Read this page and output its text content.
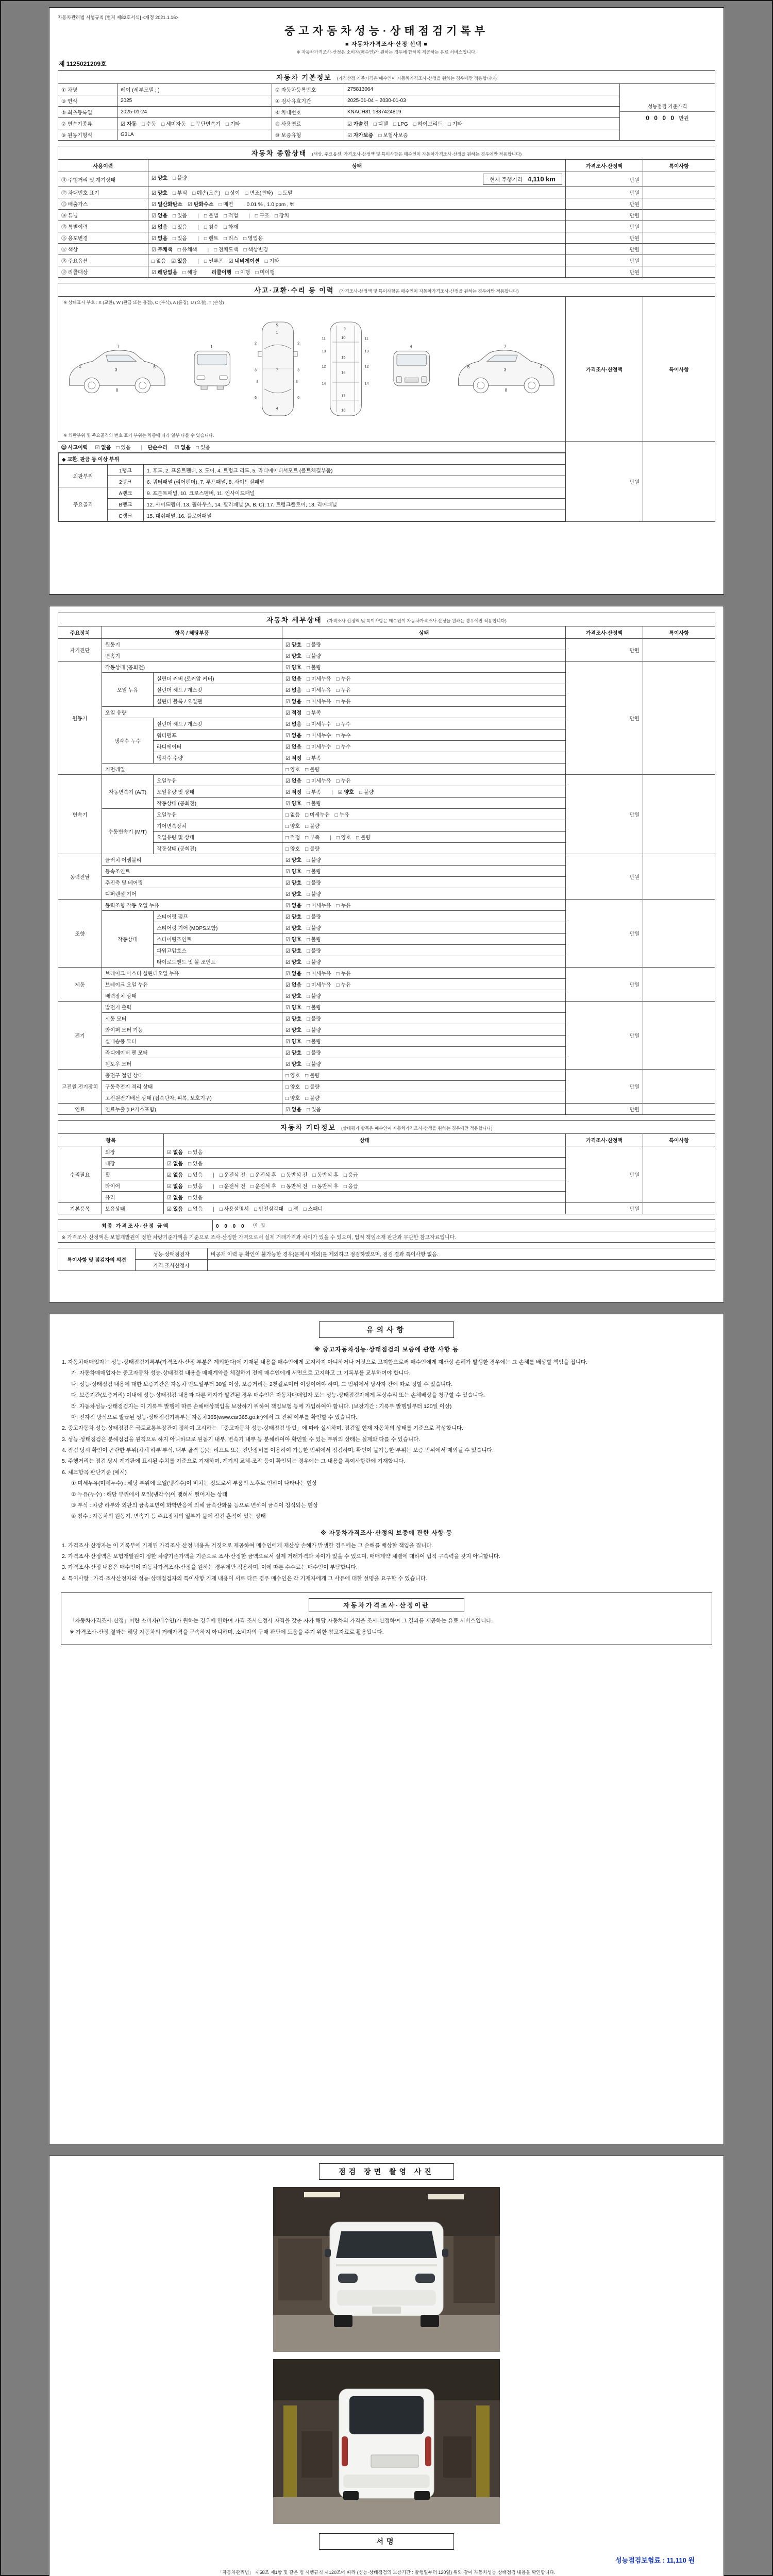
자동차관리법 시행규칙 [별지 제82호서식] <개정 2021.1.16>
중고자동차성능·상태점검기록부
■ 자동차가격조사·산정 선택 ■
※ 자동차가격조사·산정은 소비자(매수인)가 원하는 경우에 한하여 제공하는 유료 서비스입니다.
제 1125021209호
자동차 기본정보 (가격산정 기준가격은 매수인이 자동차가격조사·산정을 원하는 경우에만 적용합니다)				
① 차명	레이 (세부모델 : )	② 자동차등록번호	275813064	성능점검 기준가격
0 0 0 0 만원

③ 연식	2025	④ 검사유효기간	2025-01-04 ~ 2030-01-03	
⑤ 최초등록일	2025-01-24	⑥ 차대번호	KNACH81 1837424819	
⑦ 변속기종류	☑ 자동 □ 수동 □ 세미자동 □ 무단변속기 □ 기타	⑧ 사용연료	☑ 가솔린 □ 디젤 □ LPG □ 하이브리드 □ 기타	
⑨ 원동기형식	G3LA	⑩ 보증유형	☑ 자가보증 □ 보험사보증	
자동차 종합상태 (색상, 주요옵션, 가격조사·산정액 및 특이사항은 매수인이 자동차가격조사·산정을 원하는 경우에만 적용합니다)			
사용이력	상태	가격조사·산정액	특이사항
⑪ 주행거리 및 계기상태	☑ 양호 □ 불량 현재 주행거리 4,110 km	만원	
⑫ 차대번호 표기	☑ 양호 □ 부식 □ 훼손(오손) □ 상이 □ 변조(변타) □ 도말	만원	
⑬ 배출가스	☑ 일산화탄소 ☑ 탄화수소 □ 매연 0.01 % , 1.0 ppm , %	만원	
⑭ 튜닝	☑ 없음 □ 있음 | □ 불법 □ 적법 | □ 구조 □ 장치	만원	
⑮ 특별이력	☑ 없음 □ 있음 | □ 침수 □ 화재	만원	
⑯ 용도변경	☑ 없음 □ 있음 | □ 렌트 □ 리스 □ 영업용	만원	
⑰ 색상	☑ 무채색 □ 유채색 | □ 전체도색 □ 색상변경	만원	
⑱ 주요옵션	□ 없음 ☑ 있음 | □ 썬루프 ☑ 네비게이션 □ 기타	만원	
⑲ 리콜대상	☑ 해당없음 □ 해당 리콜이행 □ 이행 □ 미이행	만원	
사고·교환·수리 등 이력 (가격조사·산정액 및 특이사항은 매수인이 자동차가격조사·산정을 원하는 경우에만 적용합니다)

※ 상태표시 부호 : X (교환), W (판금 또는 용접), C (부식), A (흠집), U (요철), T (손상)
2
3
6
7
8
1
1
7
4
2	2
3	3
6	6
5
8	8
9
10
11	11
12	12
13	13
14	14
15
16
17
18
4
2
3
6
7
8
※ 외판부위 및 주요골격의 번호 표기 부위는 차종에 따라 일부 다를 수 있습니다.
	가격조사·산정액	특이사항
⑳ 사고이력 ☑ 없음 □ 있음 | 단순수리 ☑ 없음 □ 있음	만원	

◆ 교환, 판금 등 이상 부위
외판부위	1랭크	1. 후드, 2. 프론트펜더, 3. 도어, 4. 트렁크 리드, 5. 라디에이터서포트 (볼트체결부품)
2랭크	6. 쿼터패널 (리어펜더), 7. 루프패널, 8. 사이드실패널
주요골격	A랭크	9. 프론트패널, 10. 크로스멤버, 11. 인사이드패널
B랭크	12. 사이드멤버, 13. 휠하우스, 14. 필러패널 (A, B, C), 17. 트렁크플로어, 18. 리어패널
C랭크	15. 대쉬패널, 16. 플로어패널
자동차 세부상태 (가격조사·산정액 및 특이사항은 매수인이 자동차가격조사·산정을 원하는 경우에만 적용합니다)					
주요장치	항목 / 해당부품		상태	가격조사·산정액	특이사항
자기진단	원동기		☑ 양호 □ 불량	만원	
	변속기		☑ 양호 □ 불량		
원동기	작동상태 (공회전)		☑ 양호 □ 불량	만원	
	오일 누유	실린더 커버 (로커암 커버)	☑ 없음 □ 미세누유 □ 누유		
		실린더 헤드 / 개스킷	☑ 없음 □ 미세누유 □ 누유		
		실린더 블록 / 오일팬	☑ 없음 □ 미세누유 □ 누유		
	오일 유량		☑ 적정 □ 부족		
	냉각수 누수	실린더 헤드 / 개스킷	☑ 없음 □ 미세누수 □ 누수		
		워터펌프	☑ 없음 □ 미세누수 □ 누수		
		라디에이터	☑ 없음 □ 미세누수 □ 누수		
		냉각수 수량	☑ 적정 □ 부족		
	커먼레일		□ 양호 □ 불량		
변속기	자동변속기 (A/T)	오일누유	☑ 없음 □ 미세누유 □ 누유	만원	
		오일유량 및 상태	☑ 적정 □ 부족 | ☑ 양호 □ 불량		
		작동상태 (공회전)	☑ 양호 □ 불량		
	수동변속기 (M/T)	오일누유	□ 없음 □ 미세누유 □ 누유		
		기어변속장치	□ 양호 □ 불량		
		오일유량 및 상태	□ 적정 □ 부족 | □ 양호 □ 불량		
		작동상태 (공회전)	□ 양호 □ 불량		
동력전달	클러치 어셈블리		☑ 양호 □ 불량	만원	
	등속조인트		☑ 양호 □ 불량		
	추진축 및 베어링		☑ 양호 □ 불량		
	디퍼렌셜 기어		☑ 양호 □ 불량		
조향	동력조향 작동 오일 누유		☑ 없음 □ 미세누유 □ 누유	만원	
	작동상태	스티어링 펌프	☑ 양호 □ 불량		
		스티어링 기어 (MDPS포함)	☑ 양호 □ 불량		
		스티어링조인트	☑ 양호 □ 불량		
		파워고압호스	☑ 양호 □ 불량		
		타이로드엔드 및 볼 조인트	☑ 양호 □ 불량		
제동	브레이크 마스터 실린더오일 누유		☑ 없음 □ 미세누유 □ 누유	만원	
	브레이크 오일 누유		☑ 없음 □ 미세누유 □ 누유		
	배력장치 상태		☑ 양호 □ 불량		
전기	발전기 출력		☑ 양호 □ 불량	만원	
	시동 모터		☑ 양호 □ 불량		
	와이퍼 모터 기능		☑ 양호 □ 불량		
	실내송풍 모터		☑ 양호 □ 불량		
	라디에이터 팬 모터		☑ 양호 □ 불량		
	윈도우 모터		☑ 양호 □ 불량		
고전원 전기장치	충전구 절연 상태		□ 양호 □ 불량	만원	
	구동축전지 격리 상태		□ 양호 □ 불량		
	고전원전기배선 상태 (접속단자, 피복, 보호기구)		□ 양호 □ 불량		
연료	연료누출 (LP가스포함)		☑ 없음 □ 있음	만원	
자동차 기타정보 (상태평가 항목은 매수인이 자동차가격조사·산정을 원하는 경우에만 적용합니다)				
항목		상태	가격조사·산정액	특이사항
수리필요	외장	☑ 없음 □ 있음	만원	
	내장	☑ 없음 □ 있음		
	휠	☑ 없음 □ 있음 | □ 운전석 전 □ 운전석 후 □ 동반석 전 □ 동반석 후 □ 응급		
	타이어	☑ 없음 □ 있음 | □ 운전석 전 □ 운전석 후 □ 동반석 전 □ 동반석 후 □ 응급		
	유리	☑ 없음 □ 있음		
기본품목	보유상태	☑ 있음 □ 없음 | □ 사용설명서 □ 안전삼각대 □ 잭 □ 스패너	만원	
최종 가격조사·산정 금액	0 0 0 0  만원
※ 가격조사·산정액은 보험개발원이 정한 차량기준가액을 기준으로 조사·산정한 가격으로서 실제 거래가격과 차이가 있을 수 있으며, 법적 책임소재 판단과 무관한 참고자료입니다.
특이사항 및 점검자의 의견	성능·상태점검자	비공개 이력 등 확인이 불가능한 경우(문제시 제외)를 제외하고 점검하였으며, 점검 결과 특이사항 없음.
	가격·조사산정자	
유의사항
※ 중고자동차성능·상태점검의 보증에 관한 사항 등
1. 자동차매매업자는 성능·상태점검기록부(가격조사·산정 부분은 제외한다)에 기재된 내용을 매수인에게 고지하지 아니하거나 거짓으로 고지함으로써 매수인에게 재산상 손해가 발생한 경우에는 그 손해를 배상할 책임을 집니다.
가. 자동차매매업자는 중고자동차 성능·상태점검 내용을 매매계약을 체결하기 전에 매수인에게 서면으로 고지하고 그 기록부를 교부하여야 합니다.
나. 성능·상태점검 내용에 대한 보증기간은 자동차 인도일부터 30일 이상, 보증거리는 2천킬로미터 이상이어야 하며, 그 범위에서 당사자 간에 따로 정할 수 있습니다.
다. 보증기간(보증거리) 이내에 성능·상태점검 내용과 다른 하자가 발견된 경우 매수인은 자동차매매업자 또는 성능·상태점검자에게 무상수리 또는 손해배상을 청구할 수 있습니다.
라. 자동차성능·상태점검자는 이 기록부 발행에 따른 손해배상책임을 보장하기 위하여 책임보험 등에 가입하여야 합니다. (보장기간 : 기록부 발행일부터 120일 이상)
마. 전자적 방식으로 발급된 성능·상태점검기록부는 자동차365(www.car365.go.kr)에서 그 진위 여부를 확인할 수 있습니다.
2. 중고자동차 성능·상태점검은 국토교통부장관이 정하여 고시하는 「중고자동차 성능·상태점검 방법」에 따라 실시하며, 점검일 현재 자동차의 상태를 기준으로 작성합니다.
3. 성능·상태점검은 분해점검을 원칙으로 하지 아니하므로 원동기 내부, 변속기 내부 등 분해하여야 확인할 수 있는 부위의 상태는 실제와 다를 수 있습니다.
4. 점검 당시 확인이 곤란한 부위(차체 하부 부식, 내부 골격 등)는 리프트 또는 진단장비를 이용하여 가능한 범위에서 점검하며, 확인이 불가능한 부위는 보증 범위에서 제외될 수 있습니다.
5. 주행거리는 점검 당시 계기판에 표시된 수치를 기준으로 기재하며, 계기의 교체·조작 등이 확인되는 경우에는 그 내용을 특이사항란에 기재합니다.
6. 체크항목 판단기준 (예시)
① 미세누유(미세누수) : 해당 부위에 오일(냉각수)이 비치는 정도로서 부품의 노후로 인하여 나타나는 현상
② 누유(누수) : 해당 부위에서 오일(냉각수)이 맺혀서 떨어지는 상태
③ 부식 : 차량 하부와 외판의 금속표면이 화학반응에 의해 금속산화물 등으로 변하여 금속이 침식되는 현상
④ 침수 : 자동차의 원동기, 변속기 등 주요장치의 일부가 물에 잠긴 흔적이 있는 상태
※ 자동차가격조사·산정의 보증에 관한 사항 등
1. 가격조사·산정자는 이 기록부에 기재된 가격조사·산정 내용을 거짓으로 제공하여 매수인에게 재산상 손해가 발생한 경우에는 그 손해를 배상할 책임을 집니다.
2. 가격조사·산정액은 보험개발원이 정한 차량기준가액을 기준으로 조사·산정한 금액으로서 실제 거래가격과 차이가 있을 수 있으며, 매매계약 체결에 대하여 법적 구속력을 갖지 아니합니다.
3. 가격조사·산정 내용은 매수인이 자동차가격조사·산정을 원하는 경우에만 적용하며, 이에 따른 수수료는 매수인이 부담합니다.
4. 특이사항 : 가격·조사산정자와 성능·상태점검자의 특이사항 기재 내용이 서로 다른 경우 매수인은 각 기재자에게 그 사유에 대한 설명을 요구할 수 있습니다.
자동차가격조사·산정이란
「자동차가격조사·산정」이란 소비자(매수인)가 원하는 경우에 한하여 가격·조사산정사 자격을 갖춘 자가 해당 자동차의 가격을 조사·산정하여 그 결과를 제공하는 유료 서비스입니다.
※ 가격조사·산정 결과는 해당 자동차의 거래가격을 구속하지 아니하며, 소비자의 구매 판단에 도움을 주기 위한 참고자료로 활용됩니다.
점검 장면 촬영 사진
서명
성능점검보험료 : 11,110 원
「자동차관리법」 제58조 제1항 및 같은 법 시행규칙 제120조에 따라 (성능·상태점검의 보증기간 : 발행일부터 120일) 위와 같이 자동차성능·상태점검 내용을 확인합니다.
